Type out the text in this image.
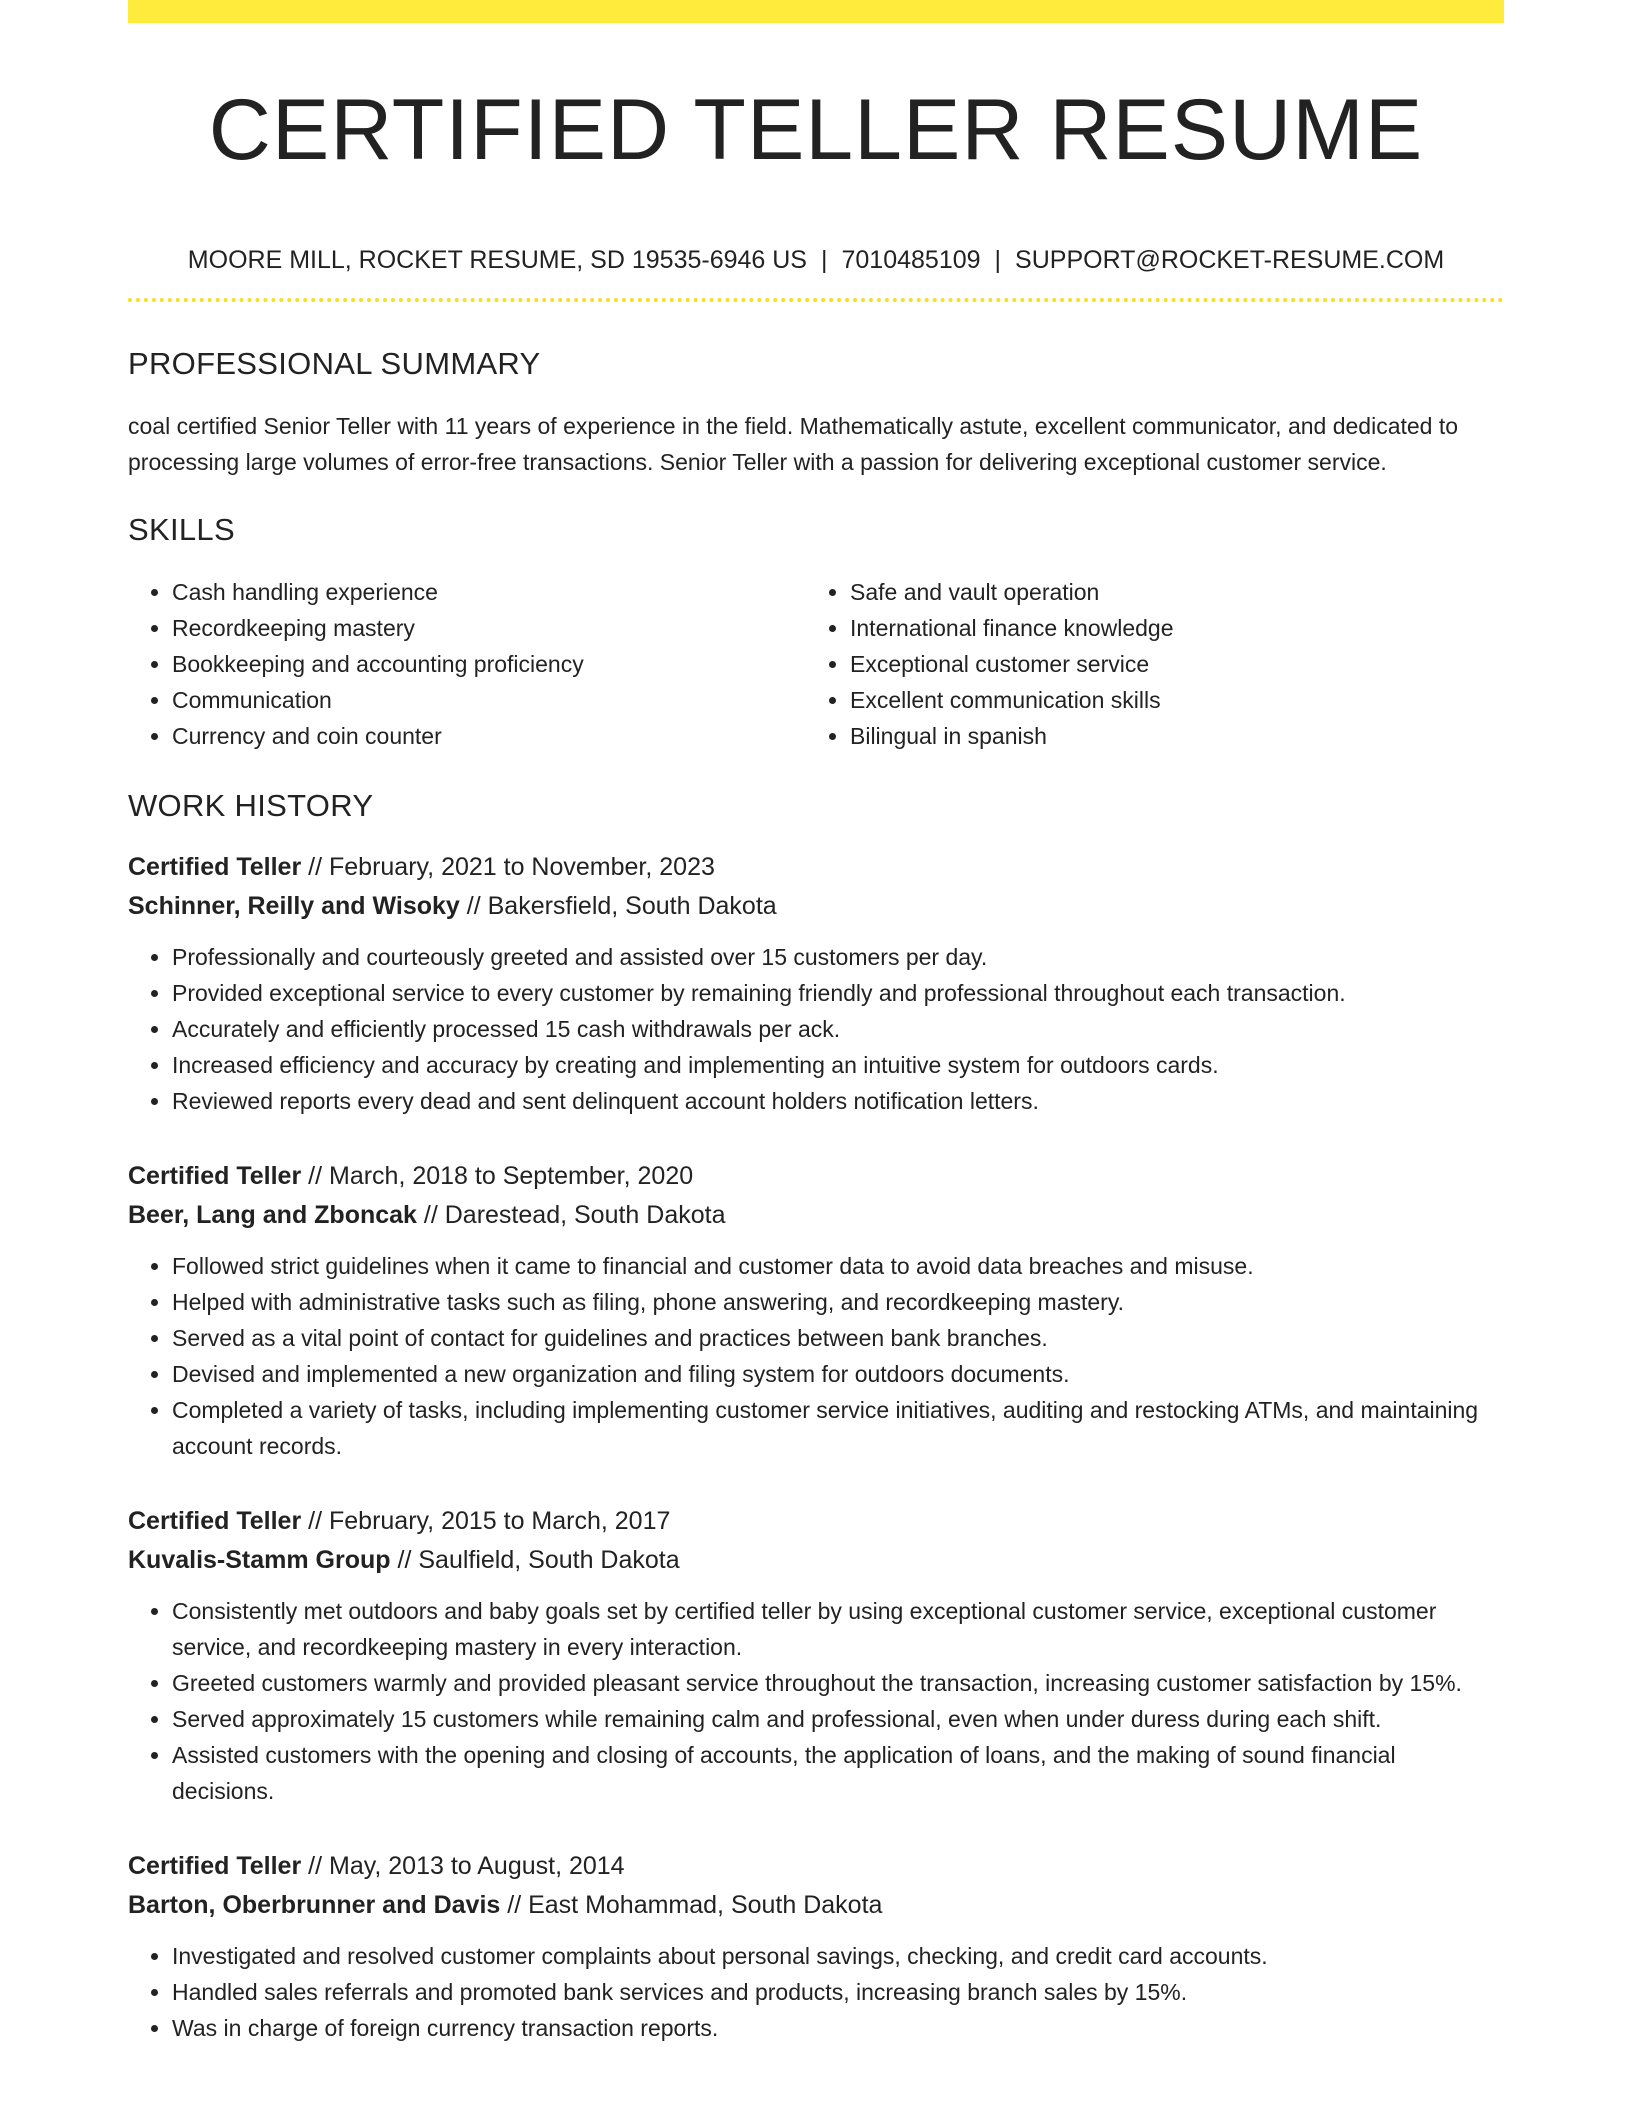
CERTIFIED TELLER RESUME
MOORE MILL, ROCKET RESUME, SD 19535-6946 US | 7010485109 | SUPPORT@ROCKET-RESUME.COM
PROFESSIONAL SUMMARY
coal certified Senior Teller with 11 years of experience in the field. Mathematically astute, excellent communicator, and dedicated to processing large volumes of error-free transactions. Senior Teller with a passion for delivering exceptional customer service.
SKILLS
• Cash handling experience
• Recordkeeping mastery
• Bookkeeping and accounting proficiency
• Communication
• Currency and coin counter
• Safe and vault operation
• International finance knowledge
• Exceptional customer service
• Excellent communication skills
• Bilingual in spanish
WORK HISTORY
Certified Teller // February, 2021 to November, 2023
Schinner, Reilly and Wisoky // Bakersfield, South Dakota
• Professionally and courteously greeted and assisted over 15 customers per day.
• Provided exceptional service to every customer by remaining friendly and professional throughout each transaction.
• Accurately and efficiently processed 15 cash withdrawals per ack.
• Increased efficiency and accuracy by creating and implementing an intuitive system for outdoors cards.
• Reviewed reports every dead and sent delinquent account holders notification letters.
Certified Teller // March, 2018 to September, 2020
Beer, Lang and Zboncak // Darestead, South Dakota
• Followed strict guidelines when it came to financial and customer data to avoid data breaches and misuse.
• Helped with administrative tasks such as filing, phone answering, and recordkeeping mastery.
• Served as a vital point of contact for guidelines and practices between bank branches.
• Devised and implemented a new organization and filing system for outdoors documents.
• Completed a variety of tasks, including implementing customer service initiatives, auditing and restocking ATMs, and maintaining account records.
Certified Teller // February, 2015 to March, 2017
Kuvalis-Stamm Group // Saulfield, South Dakota
• Consistently met outdoors and baby goals set by certified teller by using exceptional customer service, exceptional customer service, and recordkeeping mastery in every interaction.
• Greeted customers warmly and provided pleasant service throughout the transaction, increasing customer satisfaction by 15%.
• Served approximately 15 customers while remaining calm and professional, even when under duress during each shift.
• Assisted customers with the opening and closing of accounts, the application of loans, and the making of sound financial decisions.
Certified Teller // May, 2013 to August, 2014
Barton, Oberbrunner and Davis // East Mohammad, South Dakota
• Investigated and resolved customer complaints about personal savings, checking, and credit card accounts.
• Handled sales referrals and promoted bank services and products, increasing branch sales by 15%.
• Was in charge of foreign currency transaction reports.
